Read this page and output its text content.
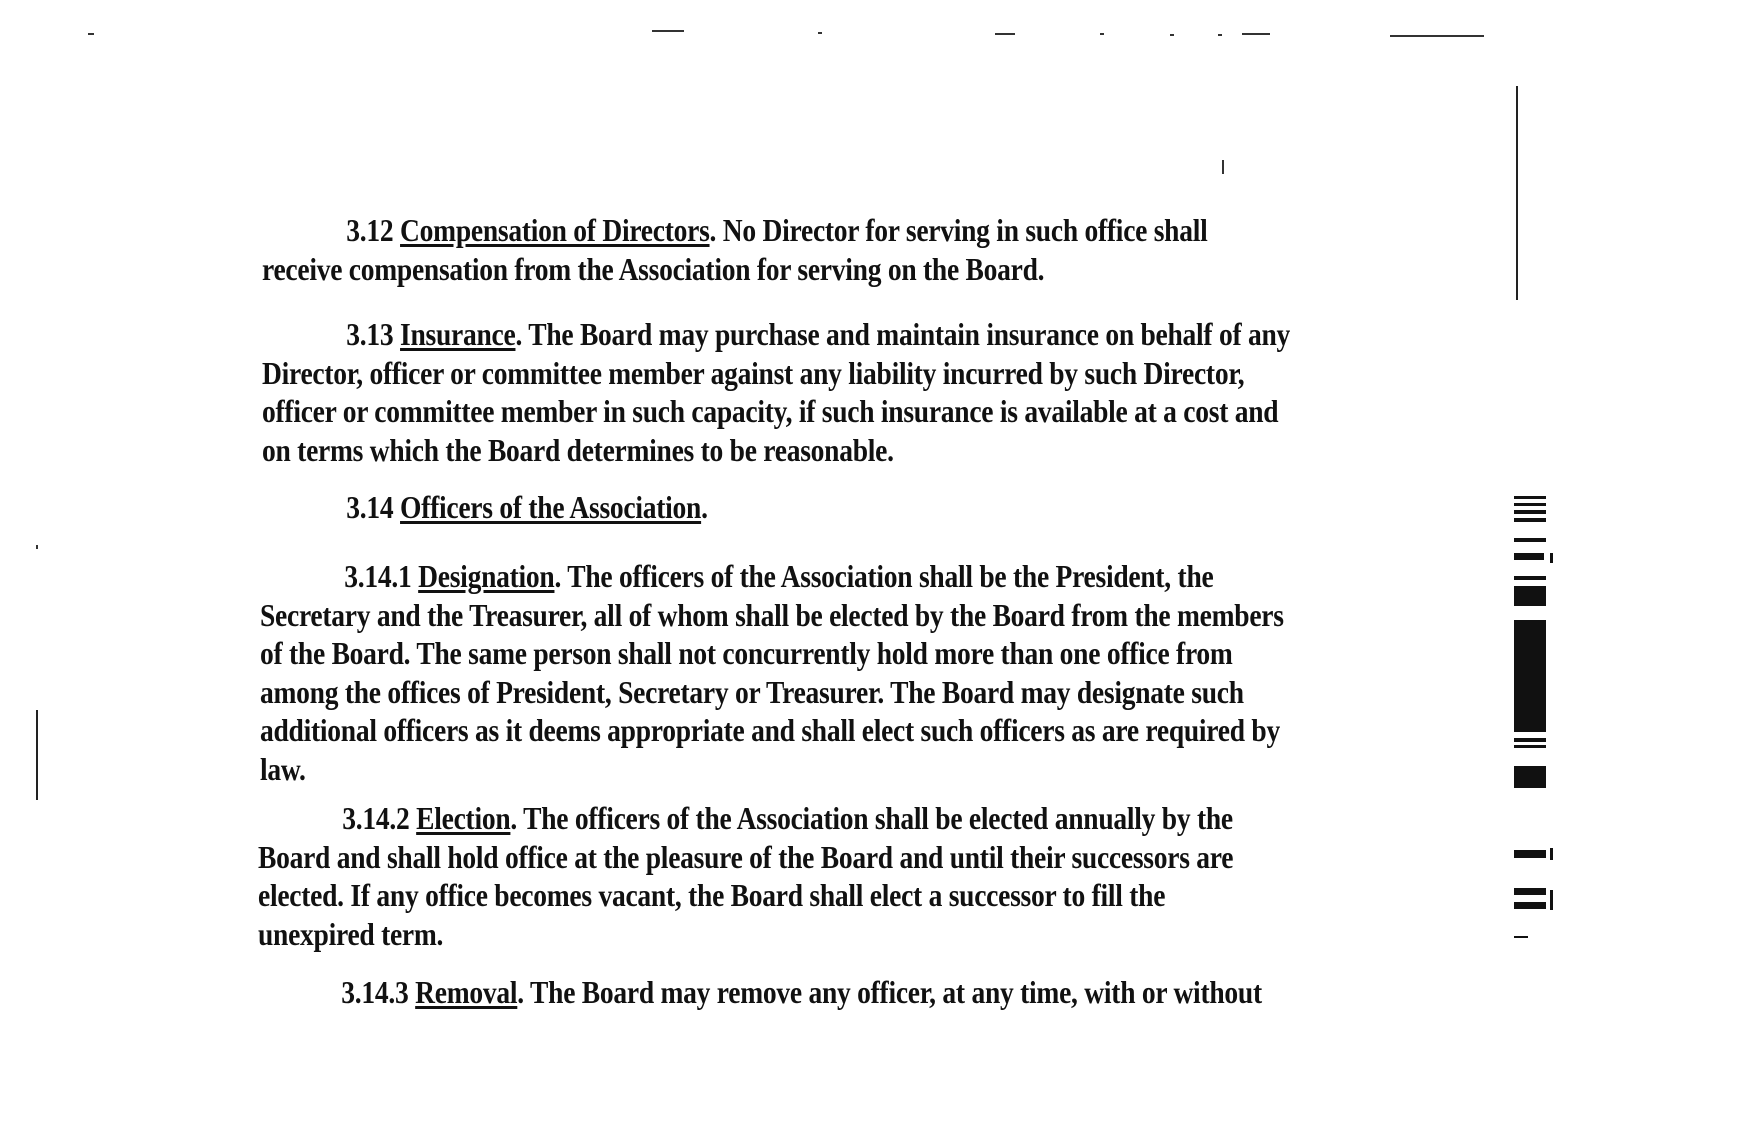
3.12 Compensation of Directors. No Director for serving in such office shall
receive compensation from the Association for serving on the Board.
3.13 Insurance. The Board may purchase and maintain insurance on behalf of any
Director, officer or committee member against any liability incurred by such Director,
officer or committee member in such capacity, if such insurance is available at a cost and
on terms which the Board determines to be reasonable.
3.14 Officers of the Association.
3.14.1 Designation. The officers of the Association shall be the President, the
Secretary and the Treasurer, all of whom shall be elected by the Board from the members
of the Board. The same person shall not concurrently hold more than one office from
among the offices of President, Secretary or Treasurer. The Board may designate such
additional officers as it deems appropriate and shall elect such officers as are required by
law.
3.14.2 Election. The officers of the Association shall be elected annually by the
Board and shall hold office at the pleasure of the Board and until their successors are
elected. If any office becomes vacant, the Board shall elect a successor to fill the
unexpired term.
3.14.3 Removal. The Board may remove any officer, at any time, with or without
